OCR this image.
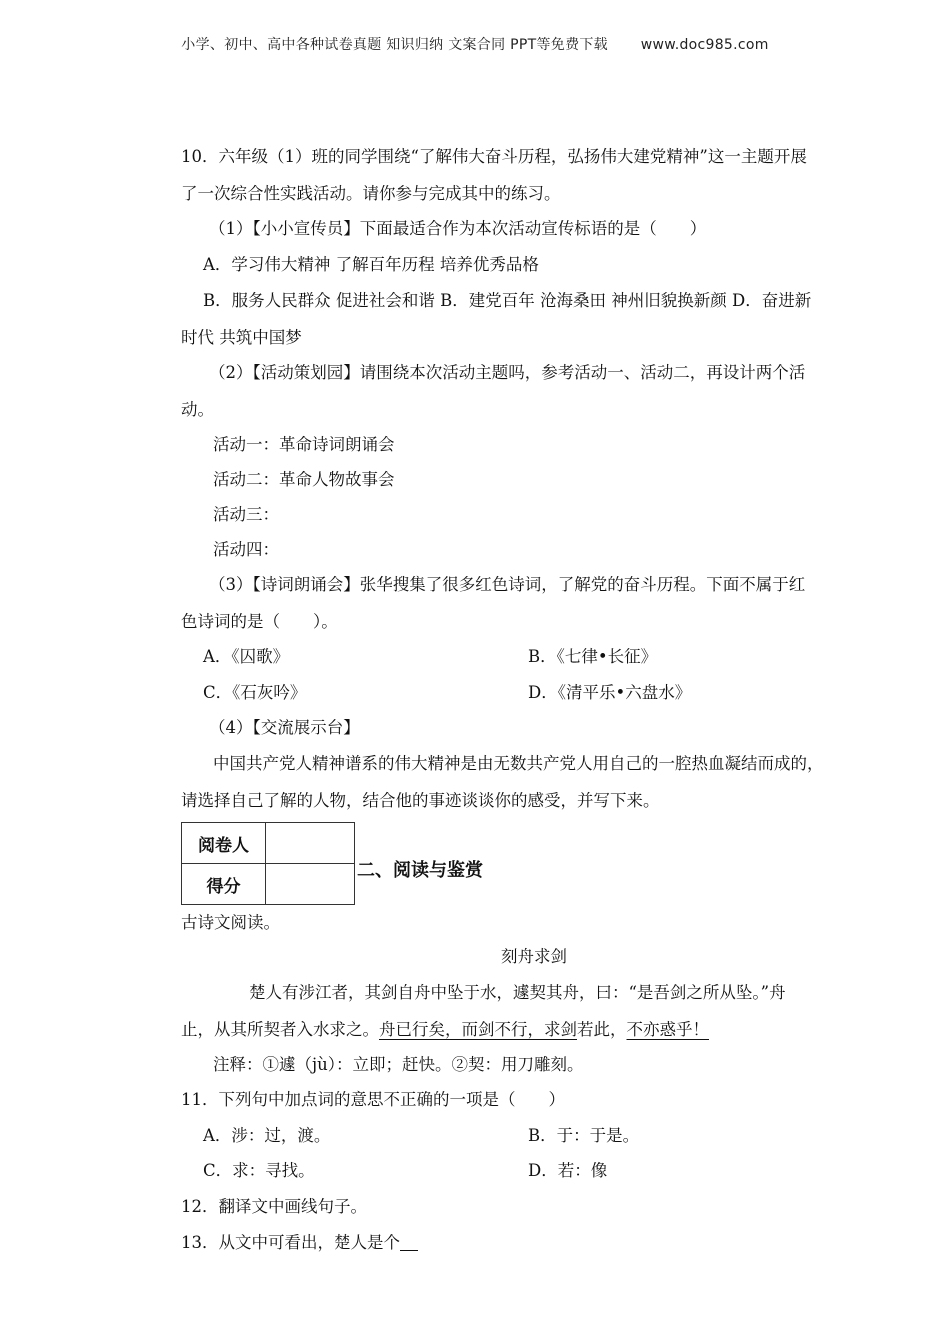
小学、初中、高中各种试卷真题 知识归纳 文案合同 PPT等免费下载 www.doc985.com
10．六年级（1）班的同学围绕“了解伟大奋斗历程，弘扬伟大建党精神”这一主题开展
了一次综合性实践活动。请你参与完成其中的练习。
（1）【小小宣传员】下面最适合作为本次活动宣传标语的是（　　）
A．学习伟大精神 了解百年历程 培养优秀品格
B．服务人民群众 促进社会和谐 B．建党百年 沧海桑田 神州旧貌换新颜 D．奋进新
时代 共筑中国梦
（2）【活动策划园】请围绕本次活动主题吗，参考活动一、活动二，再设计两个活
动。
活动一：革命诗词朗诵会
活动二：革命人物故事会
活动三：
活动四：
（3）【诗词朗诵会】张华搜集了很多红色诗词，了解党的奋斗历程。下面不属于红
色诗词的是（　　）。
A．《囚歌》	B．《七律•长征》
C．《石灰吟》	D．《清平乐•六盘水》
（4）【交流展示台】
中国共产党人精神谱系的伟大精神是由无数共产党人用自己的一腔热血凝结而成的，
请选择自己了解的人物，结合他的事迹谈谈你的感受，并写下来。
阅卷人	
得分	
二、阅读与鉴赏
古诗文阅读。
刻舟求剑
楚人有涉江者，其剑自舟中坠于水，遽契其舟，曰：“是吾剑之所从坠。”舟
止，从其所契者入水求之。舟已行矣，而剑不行，求剑若此，不亦惑乎！
注释：①遽（jù）：立即；赶快。②契：用刀雕刻。
11．下列句中加点词的意思不正确的一项是（　　）
A．涉：过，渡。	B．于：于是。
C．求：寻找。	D．若：像
12．翻译文中画线句子。
13．从文中可看出，楚人是个
